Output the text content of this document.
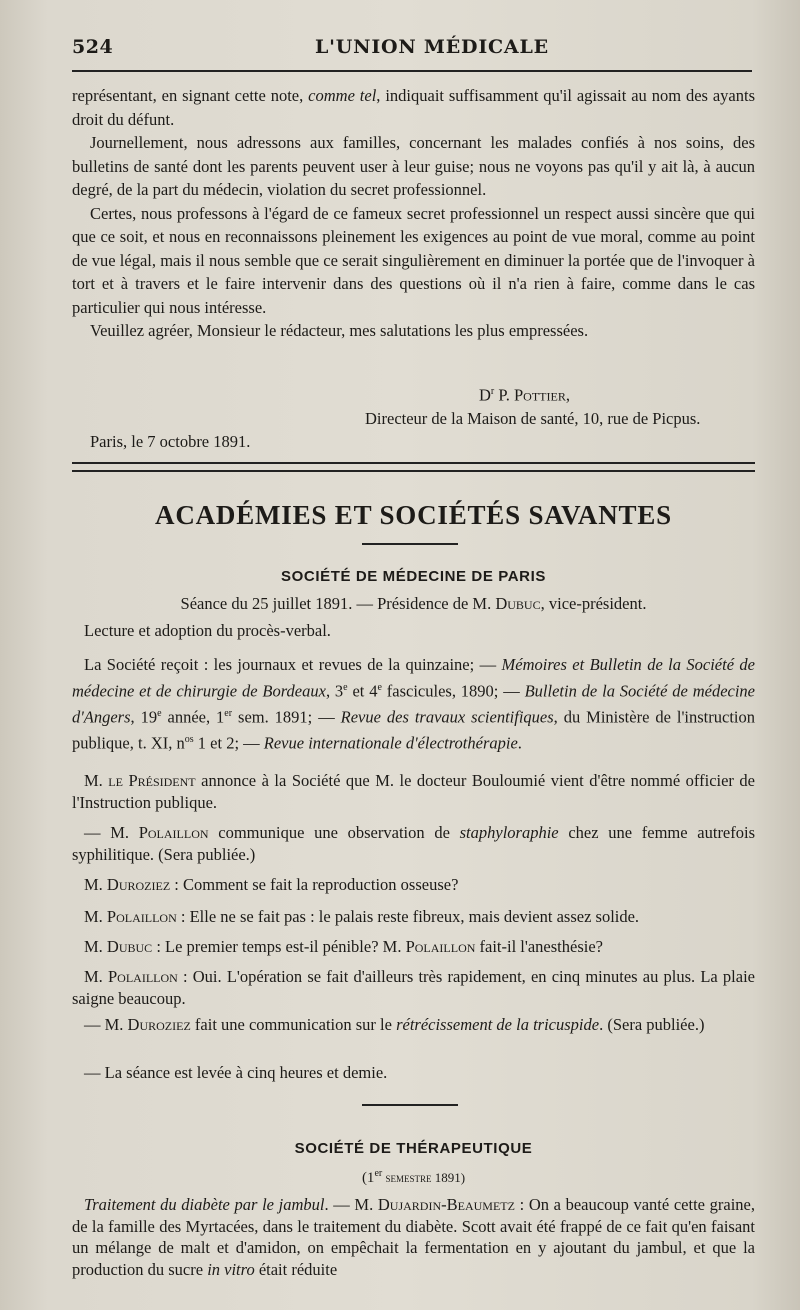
524	L'UNION MÉDICALE

représentant, en signant cette note, comme tel, indiquait suffisamment qu'il agissait au nom des ayants droit du défunt.

Journellement, nous adressons aux familles, concernant les malades confiés à nos soins, des bulletins de santé dont les parents peuvent user à leur guise; nous ne voyons pas qu'il y ait là, à aucun degré, de la part du médecin, violation du secret professionnel.

Certes, nous professons à l'égard de ce fameux secret professionnel un respect aussi sincère que qui que ce soit, et nous en reconnaissons pleinement les exigences au point de vue moral, comme au point de vue légal, mais il nous semble que ce serait singulièrement en diminuer la portée que de l'invoquer à tort et à travers et le faire intervenir dans des questions où il n'a rien à faire, comme dans le cas particulier qui nous intéresse.

Veuillez agréer, Monsieur le rédacteur, mes salutations les plus empressées.

$D^r$ P. Pottier,
Directeur de la Maison de santé, 10, rue de Picpus.
Paris, le 7 octobre 1891.
ACADÉMIES ET SOCIÉTÉS SAVANTES
SOCIÉTÉ DE MÉDECINE DE PARIS
Séance du 25 juillet 1891. — Présidence de M. Dubuc, vice-président.
Lecture et adoption du procès-verbal.
La Société reçoit : les journaux et revues de la quinzaine; — Mémoires et Bulletin de la Société de médecine et de chirurgie de Bordeaux, 3e et 4e fascicules, 1890; — Bulletin de la Société de médecine d'Angers, 19e année, 1er sem. 1891; — Revue des travaux scientifiques, du Ministère de l'instruction publique, t. XI, $n^{os}$ 1 et 2; — Revue internationale d'électrothérapie.
M. le Président annonce à la Société que M. le docteur Bouloumié vient d'être nommé officier de l'Instruction publique.
— M. Polaillon communique une observation de staphyloraphie chez une femme autrefois syphilitique. (Sera publiée.)
M. Duroziez : Comment se fait la reproduction osseuse?
M. Polaillon : Elle ne se fait pas : le palais reste fibreux, mais devient assez solide.
M. Dubuc : Le premier temps est-il pénible? M. Polaillon fait-il l'anesthésie?
M. Polaillon : Oui. L'opération se fait d'ailleurs très rapidement, en cinq minutes au plus. La plaie saigne beaucoup.
— M. Duroziez fait une communication sur le rétrécissement de la tricuspide. (Sera publiée.)
— La séance est levée à cinq heures et demie.
SOCIÉTÉ DE THÉRAPEUTIQUE
(1er semestre 1891)
Traitement du diabète par le jambul. — M. Dujardin-Beaumetz : On a beaucoup vanté cette graine, de la famille des Myrtacées, dans le traitement du diabète. Scott avait été frappé de ce fait qu'en faisant un mélange de malt et d'amidon, on empêchait la fermentation en y ajoutant du jambul, et que la production du sucre in vitro était réduite
